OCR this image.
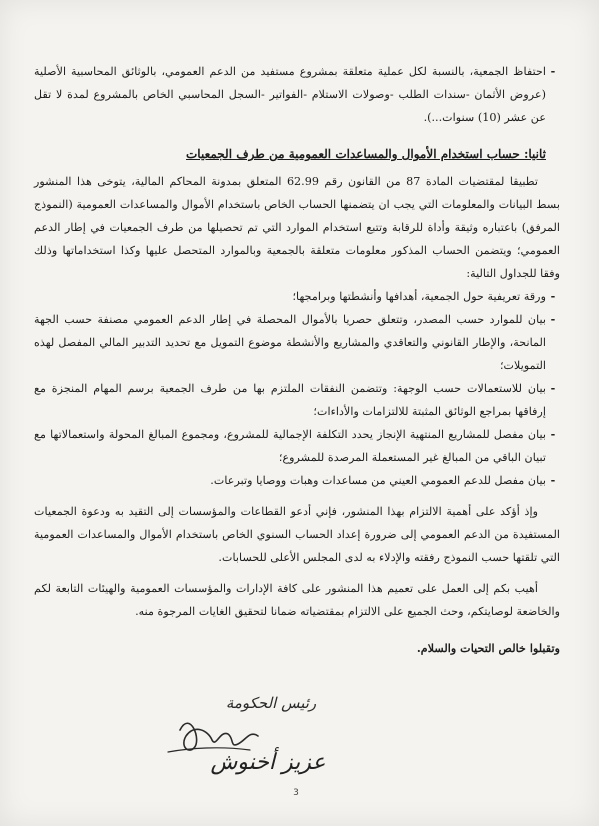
-
احتفاظ الجمعية، بالنسبة لكل عملية متعلقة بمشروع مستفيد من الدعم العمومي، بالوثائق المحاسبية الأصلية (عروض الأثمان -سندات الطلب -وصولات الاستلام -الفواتير -السجل المحاسبي الخاص بالمشروع لمدة لا تقل عن عشر (10) سنوات...).
ثانيا: حساب استخدام الأموال والمساعدات العمومية من طرف الجمعيات

تطبيقا لمقتضيات المادة 87 من القانون رقم 62.99 المتعلق بمدونة المحاكم المالية، يتوخى هذا المنشور بسط البيانات والمعلومات التي يجب ان يتضمنها الحساب الخاص باستخدام الأموال والمساعدات العمومية (النموذج المرفق) باعتباره وثيقة وأداة للرقابة وتتبع استخدام الموارد التي تم تحصيلها من طرف الجمعيات في إطار الدعم العمومي؛ ويتضمن الحساب المذكور معلومات متعلقة بالجمعية وبالموارد المتحصل عليها وكذا استخداماتها وذلك وفقا للجداول التالية:

-
ورقة تعريفية حول الجمعية، أهدافها وأنشطتها وبرامجها؛
-
بيان للموارد حسب المصدر، وتتعلق حصريا بالأموال المحصلة في إطار الدعم العمومي مصنفة حسب الجهة المانحة، والإطار القانوني والتعاقدي والمشاريع والأنشطة موضوع التمويل مع تحديد التدبير المالي المفصل لهذه التمويلات؛
-
بيان للاستعمالات حسب الوجهة: وتتضمن النفقات الملتزم بها من طرف الجمعية برسم المهام المنجزة مع إرفاقها بمراجع الوثائق المثبتة للالتزامات والأداءات؛
-
بيان مفصل للمشاريع المنتهية الإنجاز يحدد التكلفة الإجمالية للمشروع، ومجموع المبالغ المحولة واستعمالاتها مع تبيان الباقي من المبالغ غير المستعملة المرصدة للمشروع؛
-
بيان مفصل للدعم العمومي العيني من مساعدات وهبات ووصايا وتبرعات.

وإذ أؤكد على أهمية الالتزام بهذا المنشور، فإني أدعو القطاعات والمؤسسات إلى التقيد به ودعوة الجمعيات المستفيدة من الدعم العمومي إلى ضرورة إعداد الحساب السنوي الخاص باستخدام الأموال والمساعدات العمومية التي تلقتها حسب النموذج رفقته والإدلاء به لدى المجلس الأعلى للحسابات.

أهيب بكم إلى العمل على تعميم هذا المنشور على كافة الإدارات والمؤسسات العمومية والهيئات التابعة لكم والخاضعة لوصايتكم، وحث الجميع على الالتزام بمقتضياته ضمانا لتحقيق الغايات المرجوة منه.

وتقبلوا خالص التحيات والسلام.

رئيس الحكومة
عزيز أخنوش
3
